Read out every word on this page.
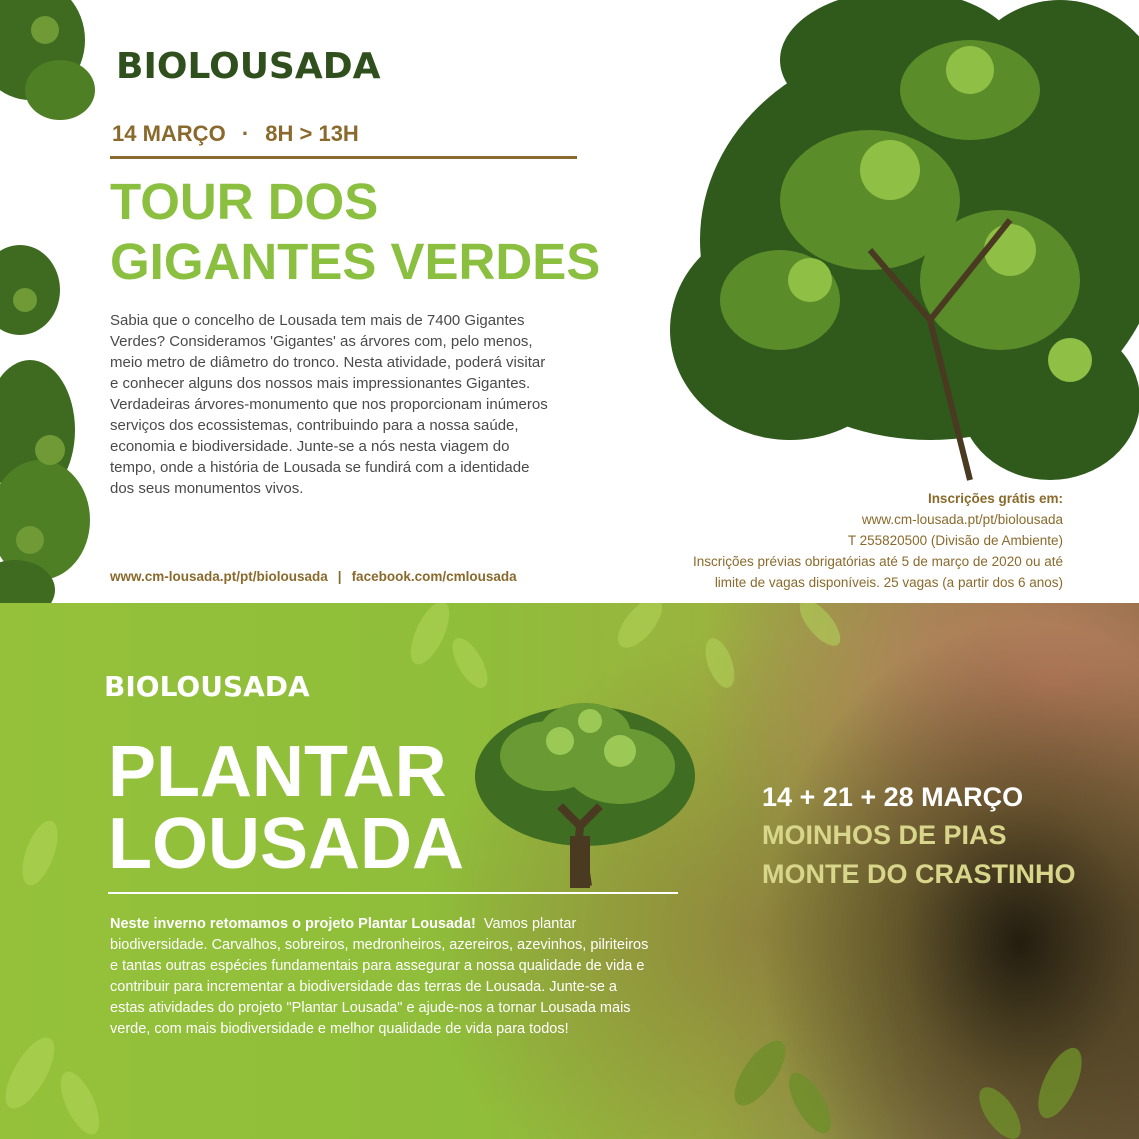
BIOLOUSADA
14 MARÇO · 8H > 13H
TOUR DOS
GIGANTES VERDES
Sabia que o concelho de Lousada tem mais de 7400 Gigantes Verdes? Consideramos 'Gigantes' as árvores com, pelo menos, meio metro de diâmetro do tronco. Nesta atividade, poderá visitar e conhecer alguns dos nossos mais impressionantes Gigantes. Verdadeiras árvores-monumento que nos proporcionam inúmeros serviços dos ecossistemas, contribuindo para a nossa saúde, economia e biodiversidade. Junte-se a nós nesta viagem do tempo, onde a história de Lousada se fundirá com a identidade dos seus monumentos vivos.
www.cm-lousada.pt/pt/biolousada | facebook.com/cmlousada
Inscrições grátis em:
www.cm-lousada.pt/pt/biolousada
T 255820500 (Divisão de Ambiente)
Inscrições prévias obrigatórias até 5 de março de 2020 ou até
limite de vagas disponíveis. 25 vagas (a partir dos 6 anos)
BIOLOUSADA
PLANTAR
LOUSADA
14 + 21 + 28 MARÇO
MOINHOS DE PIAS
MONTE DO CRASTINHO
Neste inverno retomamos o projeto Plantar Lousada! Vamos plantar biodiversidade. Carvalhos, sobreiros, medronheiros, azereiros, azevinhos, pilriteiros e tantas outras espécies fundamentais para assegurar a nossa qualidade de vida e contribuir para incrementar a biodiversidade das terras de Lousada. Junte-se a estas atividades do projeto "Plantar Lousada" e ajude-nos a tornar Lousada mais verde, com mais biodiversidade e melhor qualidade de vida para todos!
